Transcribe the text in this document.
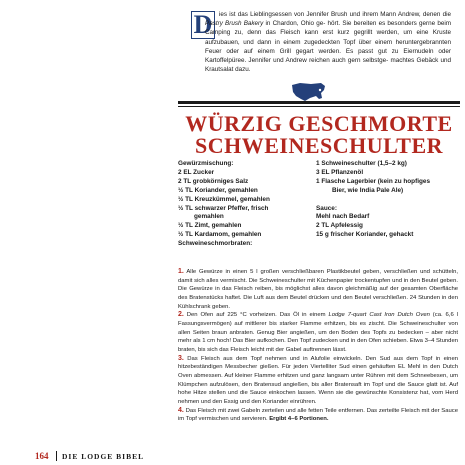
D	ies ist das Lieblingsessen von Jennifer Brush und ihrem Mann Andrew, denen die Pastry Brush Bakery in Chardon, Ohio ge- hört. Sie bereiten es besonders gerne beim Camping zu, denn das Fleisch kann erst kurz gegrillt werden, um eine Kruste aufzubauen, und dann in einem zugedeckten Topf über einem heruntergebrannten Feuer oder auf einem Grill gegart werden. Es passt gut zu Eiernudeln oder Kartoffelpüree. Jennifer und Andrew reichen auch gern selbstge- machtes Gebäck und Krautsalat dazu.

WÜRZIG GESCHMORTE
SCHWEINESCHULTER
Gewürzmischung:
2 EL Zucker
2 TL grobkörniges Salz
½ TL Koriander, gemahlen
½ TL Kreuzkümmel, gemahlen
½ TL schwarzer Pfeffer, frisch
gemahlen
½ TL Zimt, gemahlen
½ TL Kardamom, gemahlen
Schweineschmorbraten:
1 Schweineschulter (1,5–2 kg)
3 EL Pflanzenöl
1 Flasche Lagerbier (kein zu hopfiges
Bier, wie India Pale Ale)
Sauce:
Mehl nach Bedarf
2 TL Apfelessig
15 g frischer Koriander, gehackt

1. Alle Gewürze in einen 5 l großen verschließbaren Plastikbeutel geben, verschließen und schütteln, damit sich alles vermischt. Die Schweineschulter mit Küchenpapier trockentupfen und in den Beutel geben. Die Gewürze in das Fleisch reiben, bis möglichst alles davon gleichmäßig auf der gesamten Oberfläche des Bratenstücks haftet. Die Luft aus dem Beutel drücken und den Beutel verschließen. 24 Stunden in den Kühlschrank geben.

2. Den Ofen auf 225 °C vorheizen. Das Öl in einem Lodge 7-quart Cast Iron Dutch Oven (ca. 6,6 l Fassungsvermögen) auf mittlerer bis starker Flamme erhitzen, bis es zischt. Die Schweineschulter von allen Seiten braun anbraten. Genug Bier angießen, um den Boden des Topfs zu bedecken – aber nicht mehr als 1 cm hoch! Das Bier aufkochen. Den Topf zudecken und in den Ofen schieben. Etwa 3–4 Stunden braten, bis sich das Fleisch leicht mit der Gabel auftrennen lässt.

3. Das Fleisch aus dem Topf nehmen und in Alufolie einwickeln. Den Sud aus dem Topf in einen hitzebeständigen Messbecher gießen. Für jeden Viertelliter Sud einen gehäuften EL Mehl in den Dutch Oven abmessen. Auf kleiner Flamme erhitzen und ganz langsam unter Rühren mit dem Schneebesen, um Klümpchen aufzulösen, den Bratensud angießen, bis aller Bratensaft im Topf und die Sauce glatt ist. Auf hohe Hitze stellen und die Sauce einkochen lassen. Wenn sie die gewünschte Konsistenz hat, vom Herd nehmen und den Essig und den Koriander einrühren.

4. Das Fleisch mit zwei Gabeln zerteilen und alle fetten Teile entfernen. Das zerteilte Fleisch mit der Sauce im Topf vermischen und servieren. Ergibt 4–6 Portionen.

164 DIE LODGE BIBEL
